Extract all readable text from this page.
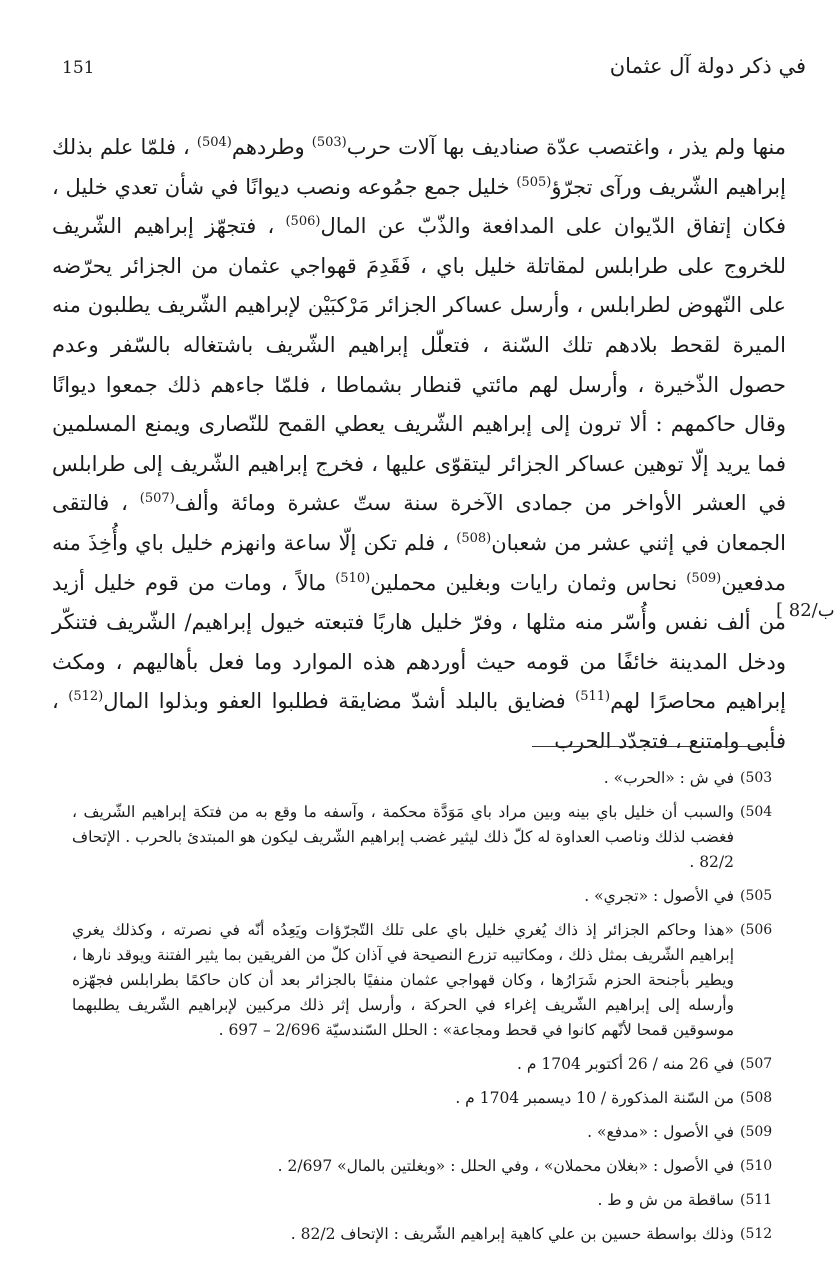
151	في ذكر دولة آل عثمان

منها ولم يذر ، واغتصب عدّة صناديف بها آلات حرب$^{(503)}$ وطردهم$^{(504)}$ ، فلمّا علم بذلك إبراهيم الشّريف ورآى تجرّؤ$^{(505)}$ خليل جمع جمُوعه ونصب ديوانًا في شأن تعدي خليل ، فكان إتفاق الدّيوان على المدافعة والذّبّ عن المال$^{(506)}$ ، فتجهّز إبراهيم الشّريف للخروج على طرابلس لمقاتلة خليل باي ، فَقَدِمَ قهواجي عثمان من الجزائر يحرّضه على النّهوض لطرابلس ، وأرسل عساكر الجزائر مَرْكبَيْن لإبراهيم الشّريف يطلبون منه الميرة لقحط بلادهم تلك السّنة ، فتعلّل إبراهيم الشّريف باشتغاله بالسّفر وعدم حصول الذّخيرة ، وأرسل لهم مائتي قنطار بشماطا ، فلمّا جاءهم ذلك جمعوا ديوانًا وقال حاكمهم : ألا ترون إلى إبراهيم الشّريف يعطي القمح للنّصارى ويمنع المسلمين فما يريد إلّا توهين عساكر الجزائر ليتقوّى عليها ، فخرج إبراهيم الشّريف إلى طرابلس في العشر الأواخر من جمادى الآخرة سنة ستّ عشرة ومائة وألف$^{(507)}$ ، فالتقى الجمعان في إثني عشر من شعبان$^{(508)}$ ، فلم تكن إلّا ساعة وانهزم خليل باي وأُخِذَ منه مدفعين$^{(509)}$ نحاس وثمان رايات وبغلين محملين$^{(510)}$ مالاً ، ومات من قوم خليل أزيد من ألف نفس وأُسّر منه مثلها ، وفرّ خليل هاربًا فتبعته خيول إبراهيم/ الشّريف فتنكّر ودخل المدينة خائفًا من قومه حيث أوردهم هذه الموارد وما فعل بأهاليهم ، ومكث إبراهيم محاصرًا لهم$^{(511)}$ فضايق بالبلد أشدّ مضايقة فطلبوا العفو وبذلوا المال$^{(512)}$ ، فأبى وامتنع ، فتجدّد الحرب

[ 82/ب
(503
في ش : «الحرب» .
(504
والسبب أن خليل باي بينه وبين مراد باي مَوَدَّة محكمة ، وآسفه ما وقع به من فتكة إبراهيم الشّريف ، فغضب لذلك وناصب العداوة له كلّ ذلك ليثير غضب إبراهيم الشّريف ليكون هو المبتدئ بالحرب . الإتحاف 82/2 .
(505
في الأصول : «تجري» .
(506
«هذا وحاكم الجزائر إذ ذاك يُغري خليل باي على تلك التّجرّؤات ويَعِدُه أنّه في نصرته ، وكذلك يغري إبراهيم الشّريف بمثل ذلك ، ومكاتيبه تزرع النصيحة في آذان كلّ من الفريقين بما يثير الفتنة ويوقد نارها ، ويطير بأجنحة الحزم شَرَارُها ، وكان قهواجي عثمان منفيًا بالجزائر بعد أن كان حاكمًا بطرابلس فجهّزه وأرسله إلى إبراهيم الشّريف إغراء في الحركة ، وأرسل إثر ذلك مركبين لإبراهيم الشّريف يطلبهما موسوقين قمحا لأنّهم كانوا في قحط ومجاعة» : الحلل السّندسيّة 2/696 – 697 .
(507
في 26 منه / 26 أكتوبر 1704 م .
(508
من السّنة المذكورة / 10 ديسمبر 1704 م .
(509
في الأصول : «مدفع» .
(510
في الأصول : «بغلان محملان» ، وفي الحلل : «وبغلتين بالمال» 2/697 .
(511
ساقطة من ش و ط .
(512
وذلك بواسطة حسين بن علي كاهية إبراهيم الشّريف : الإتحاف 82/2 .
